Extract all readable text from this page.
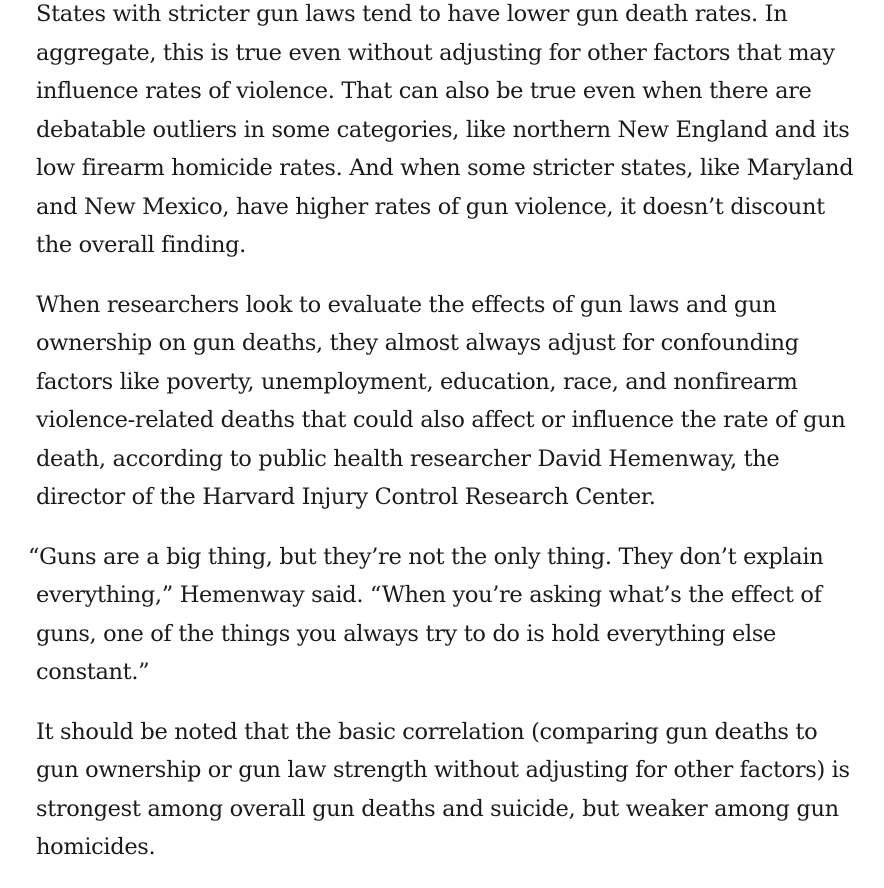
States with stricter gun laws tend to have lower gun death rates. In aggregate, this is true even without adjusting for other factors that may influence rates of violence. That can also be true even when there are debatable outliers in some categories, like northern New England and its low firearm homicide rates. And when some stricter states, like Maryland and New Mexico, have higher rates of gun violence, it doesn’t discount the overall finding.

When researchers look to evaluate the effects of gun laws and gun ownership on gun deaths, they almost always adjust for confounding factors like poverty, unemployment, education, race, and nonfirearm violence-related deaths that could also affect or influence the rate of gun death, according to public health researcher David Hemenway, the director of the Harvard Injury Control Research Center.

“Guns are a big thing, but they’re not the only thing. They don’t explain everything,” Hemenway said. “When you’re asking what’s the effect of guns, one of the things you always try to do is hold everything else constant.”

It should be noted that the basic correlation (comparing gun deaths to gun ownership or gun law strength without adjusting for other factors) is strongest among overall gun deaths and suicide, but weaker among gun homicides.
